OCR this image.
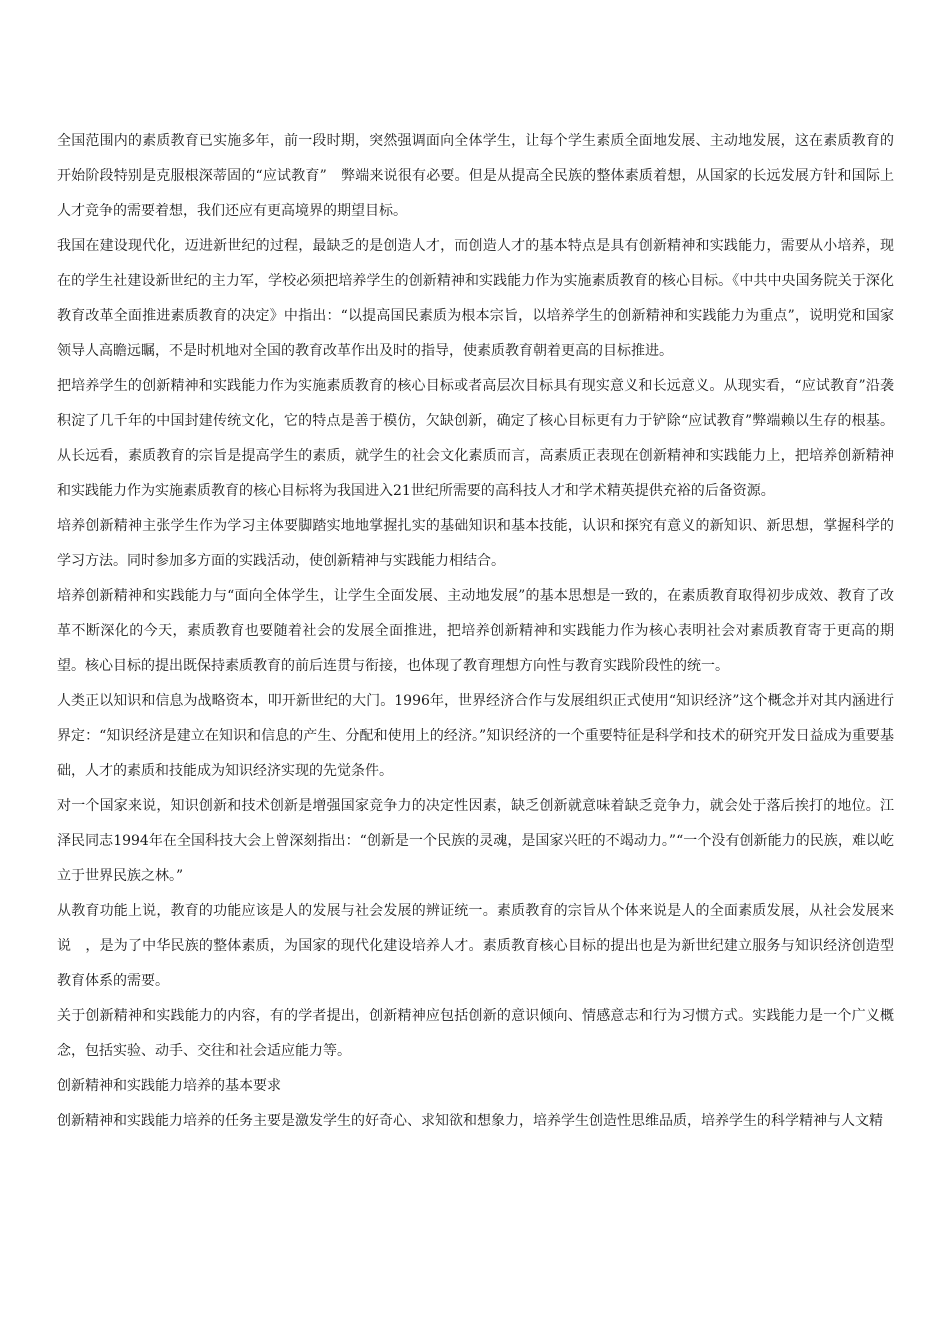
全国范围内的素质教育已实施多年，前一段时期，突然强调面向全体学生，让每个学生素质全面地发展、主动地发展，这在素质教育的开始阶段特别是克服根深蒂固的“应试教育”　弊端来说很有必要。但是从提高全民族的整体素质着想，从国家的长远发展方针和国际上人才竞争的需要着想，我们还应有更高境界的期望目标。

我国在建设现代化，迈进新世纪的过程，最缺乏的是创造人才，而创造人才的基本特点是具有创新精神和实践能力，需要从小培养，现在的学生社建设新世纪的主力军，学校必须把培养学生的创新精神和实践能力作为实施素质教育的核心目标。《中共中央国务院关于深化教育改革全面推进素质教育的决定》中指出：“以提高国民素质为根本宗旨，以培养学生的创新精神和实践能力为重点”，说明党和国家领导人高瞻远瞩，不是时机地对全国的教育改革作出及时的指导，使素质教育朝着更高的目标推进。

把培养学生的创新精神和实践能力作为实施素质教育的核心目标或者高层次目标具有现实意义和长远意义。从现实看，“应试教育”沿袭积淀了几千年的中国封建传统文化，它的特点是善于模仿，欠缺创新，确定了核心目标更有力于铲除“应试教育”弊端赖以生存的根基。从长远看，素质教育的宗旨是提高学生的素质，就学生的社会文化素质而言，高素质正表现在创新精神和实践能力上，把培养创新精神和实践能力作为实施素质教育的核心目标将为我国进入21世纪所需要的高科技人才和学术精英提供充裕的后备资源。

培养创新精神主张学生作为学习主体要脚踏实地地掌握扎实的基础知识和基本技能，认识和探究有意义的新知识、新思想，掌握科学的学习方法。同时参加多方面的实践活动，使创新精神与实践能力相结合。

培养创新精神和实践能力与“面向全体学生，让学生全面发展、主动地发展”的基本思想是一致的，在素质教育取得初步成效、教育了改革不断深化的今天，素质教育也要随着社会的发展全面推进，把培养创新精神和实践能力作为核心表明社会对素质教育寄于更高的期望。核心目标的提出既保持素质教育的前后连贯与衔接，也体现了教育理想方向性与教育实践阶段性的统一。

人类正以知识和信息为战略资本，叩开新世纪的大门。1996年，世界经济合作与发展组织正式使用“知识经济”这个概念并对其内涵进行界定：“知识经济是建立在知识和信息的产生、分配和使用上的经济。”知识经济的一个重要特征是科学和技术的研究开发日益成为重要基础，人才的素质和技能成为知识经济实现的先觉条件。

对一个国家来说，知识创新和技术创新是增强国家竞争力的决定性因素，缺乏创新就意味着缺乏竞争力，就会处于落后挨打的地位。江泽民同志1994年在全国科技大会上曾深刻指出：“创新是一个民族的灵魂，是国家兴旺的不竭动力。”“一个没有创新能力的民族，难以屹立于世界民族之林。”

从教育功能上说，教育的功能应该是人的发展与社会发展的辨证统一。素质教育的宗旨从个体来说是人的全面素质发展，从社会发展来说　，是为了中华民族的整体素质，为国家的现代化建设培养人才。素质教育核心目标的提出也是为新世纪建立服务与知识经济创造型教育体系的需要。

关于创新精神和实践能力的内容，有的学者提出，创新精神应包括创新的意识倾向、情感意志和行为习惯方式。实践能力是一个广义概念，包括实验、动手、交往和社会适应能力等。

创新精神和实践能力培养的基本要求

创新精神和实践能力培养的任务主要是激发学生的好奇心、求知欲和想象力，培养学生创造性思维品质，培养学生的科学精神与人文精
